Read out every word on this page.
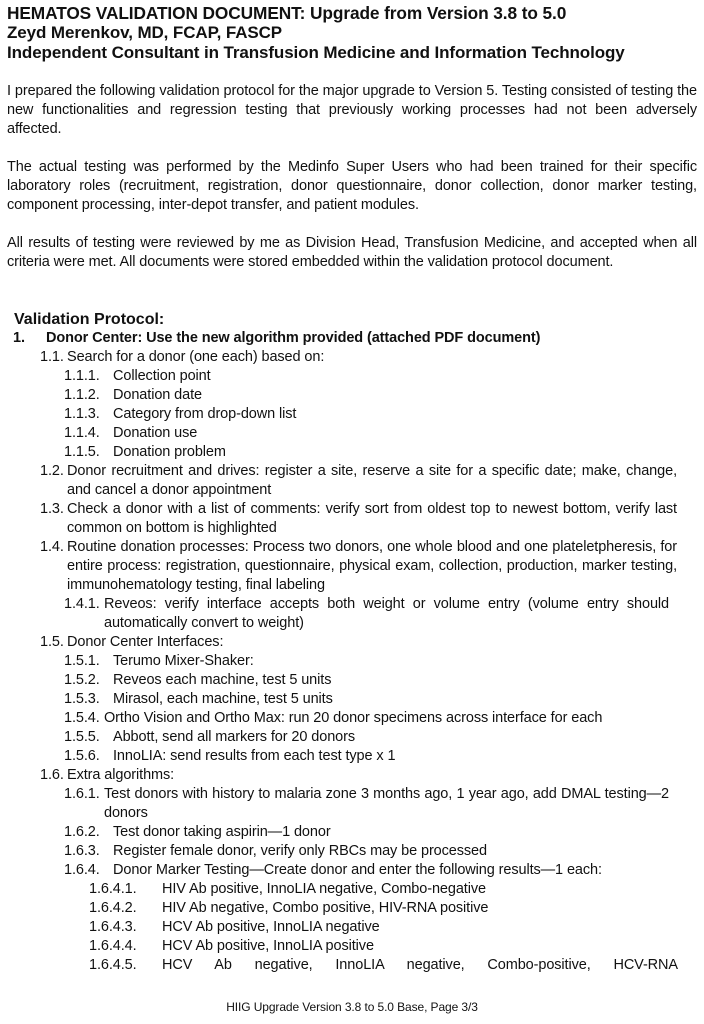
HEMATOS VALIDATION DOCUMENT: Upgrade from Version 3.8 to 5.0
Zeyd Merenkov, MD, FCAP, FASCP
Independent Consultant in Transfusion Medicine and Information Technology

I prepared the following validation protocol for the major upgrade to Version 5. Testing consisted of testing the new functionalities and regression testing that previously working processes had not been adversely affected.

The actual testing was performed by the Medinfo Super Users who had been trained for their specific laboratory roles (recruitment, registration, donor questionnaire, donor collection, donor marker testing, component processing, inter-depot transfer, and patient modules.

All results of testing were reviewed by me as Division Head, Transfusion Medicine, and accepted when all criteria were met. All documents were stored embedded within the validation protocol document.

Validation Protocol:
1.	Donor Center: Use the new algorithm provided (attached PDF document)
1.1. Search for a donor (one each) based on:
1.1.1. Collection point
1.1.2. Donation date
1.1.3. Category from drop-down list
1.1.4. Donation use
1.1.5. Donation problem
1.2. Donor recruitment and drives: register a site, reserve a site for a specific date; make, change, and cancel a donor appointment
1.3. Check a donor with a list of comments: verify sort from oldest top to newest bottom, verify last common on bottom is highlighted
1.4. Routine donation processes: Process two donors, one whole blood and one plateletpheresis, for entire process: registration, questionnaire, physical exam, collection, production, marker testing, immunohematology testing, final labeling
1.4.1. Reveos: verify interface accepts both weight or volume entry (volume entry should automatically convert to weight)
1.5. Donor Center Interfaces:
1.5.1. Terumo Mixer-Shaker:
1.5.2. Reveos each machine, test 5 units
1.5.3. Mirasol, each machine, test 5 units
1.5.4. Ortho Vision and Ortho Max: run 20 donor specimens across interface for each
1.5.5. Abbott, send all markers for 20 donors
1.5.6. InnoLIA: send results from each test type x 1
1.6. Extra algorithms:
1.6.1. Test donors with history to malaria zone 3 months ago, 1 year ago, add DMAL testing—2 donors
1.6.2. Test donor taking aspirin—1 donor
1.6.3. Register female donor, verify only RBCs may be processed
1.6.4. Donor Marker Testing—Create donor and enter the following results—1 each:
1.6.4.1.	HIV Ab positive, InnoLIA negative, Combo-negative
1.6.4.2.	HIV Ab negative, Combo positive, HIV-RNA positive
1.6.4.3.	HCV Ab positive, InnoLIA negative
1.6.4.4.	HCV Ab positive, InnoLIA positive
1.6.4.5.	HCV Ab negative, InnoLIA negative, Combo-positive, HCV-RNA
HIIG Upgrade Version 3.8 to 5.0 Base, Page 3/3
